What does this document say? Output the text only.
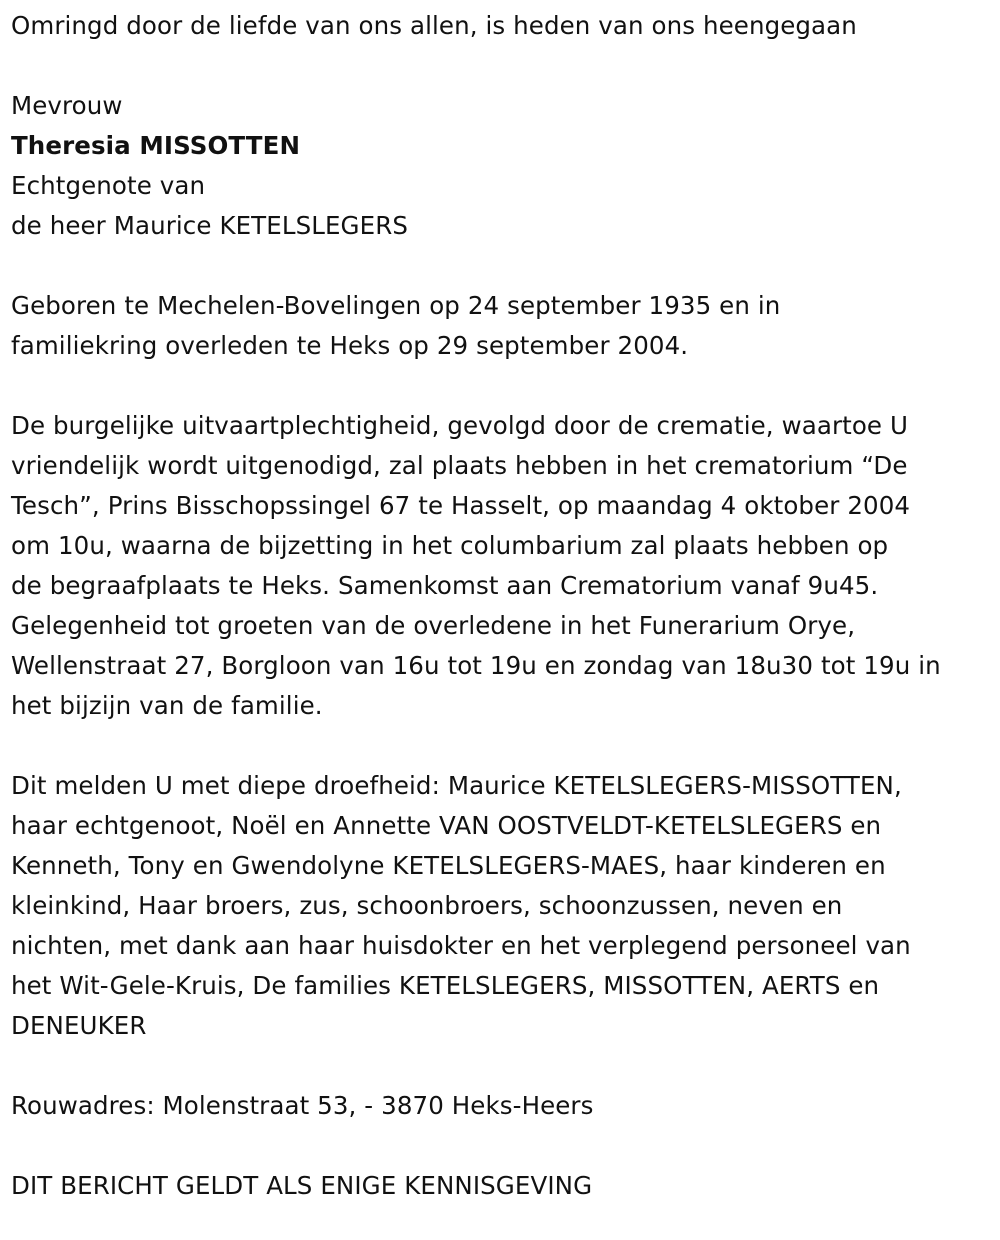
Omringd door de liefde van ons allen, is heden van ons heengegaan

Mevrouw

Theresia MISSOTTEN

Echtgenote van

de heer Maurice KETELSLEGERS

Geboren te Mechelen-Bovelingen op 24 september 1935 en in
familiekring overleden te Heks op 29 september 2004.

De burgelijke uitvaartplechtigheid, gevolgd door de crematie, waartoe U
vriendelijk wordt uitgenodigd, zal plaats hebben in het crematorium “De
Tesch”, Prins Bisschopssingel 67 te Hasselt, op maandag 4 oktober 2004
om 10u, waarna de bijzetting in het columbarium zal plaats hebben op
de begraafplaats te Heks. Samenkomst aan Crematorium vanaf 9u45.
Gelegenheid tot groeten van de overledene in het Funerarium Orye,
Wellenstraat 27, Borgloon van 16u tot 19u en zondag van 18u30 tot 19u in
het bijzijn van de familie.

Dit melden U met diepe droefheid: Maurice KETELSLEGERS-MISSOTTEN,
haar echtgenoot, Noël en Annette VAN OOSTVELDT-KETELSLEGERS en
Kenneth, Tony en Gwendolyne KETELSLEGERS-MAES, haar kinderen en
kleinkind, Haar broers, zus, schoonbroers, schoonzussen, neven en
nichten, met dank aan haar huisdokter en het verplegend personeel van
het Wit-Gele-Kruis, De families KETELSLEGERS, MISSOTTEN, AERTS en
DENEUKER

Rouwadres: Molenstraat 53, - 3870 Heks-Heers

DIT BERICHT GELDT ALS ENIGE KENNISGEVING
